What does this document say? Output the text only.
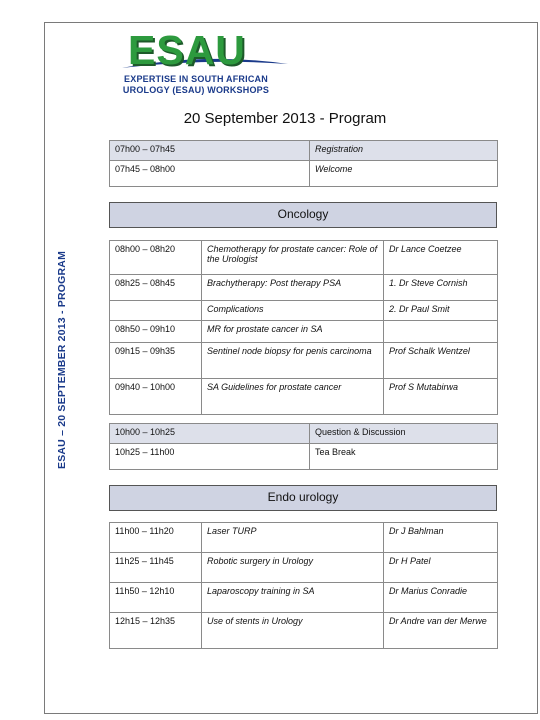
ESAU – 20 SEPTEMBER 2013 - PROGRAM
ESAU
EXPERTISE IN SOUTH AFRICAN
UROLOGY (ESAU) WORKSHOPS
20 September 2013 - Program
07h00 – 07h45	Registration
07h45 – 08h00	Welcome
Oncology
08h00 – 08h20	Chemotherapy for prostate cancer: Role of the Urologist	Dr Lance Coetzee
08h25 – 08h45	Brachytherapy: Post therapy PSA	1. Dr Steve Cornish
	Complications	2. Dr Paul Smit
08h50 – 09h10	MR for prostate cancer in SA	
09h15 – 09h35	Sentinel node biopsy for penis carcinoma	Prof Schalk Wentzel
09h40 – 10h00	SA Guidelines for prostate cancer	Prof S Mutabirwa
10h00 – 10h25	Question & Discussion
10h25 – 11h00	Tea Break
Endo urology
11h00 – 11h20	Laser TURP	Dr J Bahlman
11h25 – 11h45	Robotic surgery in Urology	Dr H Patel
11h50 – 12h10	Laparoscopy training in SA	Dr Marius Conradie
12h15 – 12h35	Use of stents in Urology	Dr Andre van der Merwe
